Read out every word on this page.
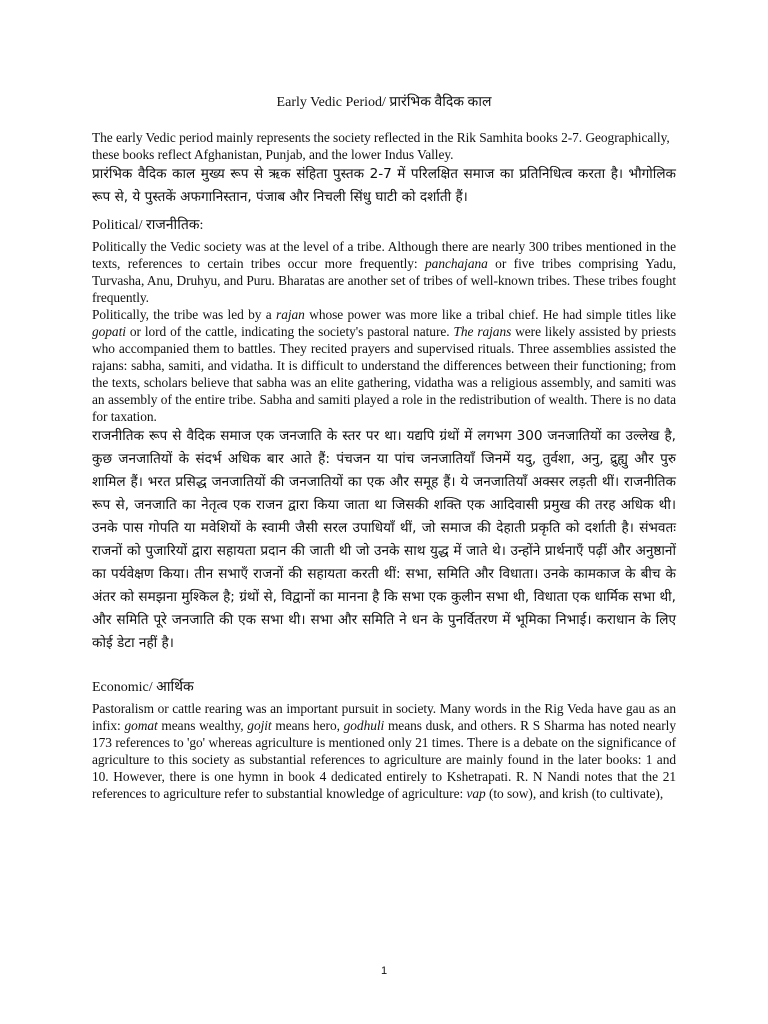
Early Vedic Period/ प्रारंभिक वैदिक काल

The early Vedic period mainly represents the society reflected in the Rik Samhita books 2-7. Geographically, these books reflect Afghanistan, Punjab, and the lower Indus Valley.

प्रारंभिक वैदिक काल मुख्य रूप से ऋक संहिता पुस्तक 2-7 में परिलक्षित समाज का प्रतिनिधित्व करता है। भौगोलिक रूप से, ये पुस्तकें अफगानिस्तान, पंजाब और निचली सिंधु घाटी को दर्शाती हैं।

Political/ राजनीतिक:

Politically the Vedic society was at the level of a tribe. Although there are nearly 300 tribes mentioned in the texts, references to certain tribes occur more frequently: panchajana or five tribes comprising Yadu, Turvasha, Anu, Druhyu, and Puru. Bharatas are another set of tribes of well-known tribes. These tribes fought frequently.

Politically, the tribe was led by a rajan whose power was more like a tribal chief. He had simple titles like gopati or lord of the cattle, indicating the society's pastoral nature. The rajans were likely assisted by priests who accompanied them to battles. They recited prayers and supervised rituals. Three assemblies assisted the rajans: sabha, samiti, and vidatha. It is difficult to understand the differences between their functioning; from the texts, scholars believe that sabha was an elite gathering, vidatha was a religious assembly, and samiti was an assembly of the entire tribe. Sabha and samiti played a role in the redistribution of wealth. There is no data for taxation.

राजनीतिक रूप से वैदिक समाज एक जनजाति के स्तर पर था। यद्यपि ग्रंथों में लगभग 300 जनजातियों का उल्लेख है, कुछ जनजातियों के संदर्भ अधिक बार आते हैं: पंचजन या पांच जनजातियाँ जिनमें यदु, तुर्वशा, अनु, द्रुह्यु और पुरु शामिल हैं। भरत प्रसिद्ध जनजातियों की जनजातियों का एक और समूह हैं। ये जनजातियाँ अक्सर लड़ती थीं। राजनीतिक रूप से, जनजाति का नेतृत्व एक राजन द्वारा किया जाता था जिसकी शक्ति एक आदिवासी प्रमुख की तरह अधिक थी। उनके पास गोपति या मवेशियों के स्वामी जैसी सरल उपाधियाँ थीं, जो समाज की देहाती प्रकृति को दर्शाती है। संभवतः राजनों को पुजारियों द्वारा सहायता प्रदान की जाती थी जो उनके साथ युद्ध में जाते थे। उन्होंने प्रार्थनाएँ पढ़ीं और अनुष्ठानों का पर्यवेक्षण किया। तीन सभाएँ राजनों की सहायता करती थीं: सभा, समिति और विधाता। उनके कामकाज के बीच के अंतर को समझना मुश्किल है; ग्रंथों से, विद्वानों का मानना है कि सभा एक कुलीन सभा थी, विधाता एक धार्मिक सभा थी, और समिति पूरे जनजाति की एक सभा थी। सभा और समिति ने धन के पुनर्वितरण में भूमिका निभाई। कराधान के लिए कोई डेटा नहीं है।

Economic/ आर्थिक

Pastoralism or cattle rearing was an important pursuit in society. Many words in the Rig Veda have gau as an infix: gomat means wealthy, gojit means hero, godhuli means dusk, and others. R S Sharma has noted nearly 173 references to 'go' whereas agriculture is mentioned only 21 times. There is a debate on the significance of agriculture to this society as substantial references to agriculture are mainly found in the later books: 1 and 10. However, there is one hymn in book 4 dedicated entirely to Kshetrapati. R. N Nandi notes that the 21 references to agriculture refer to substantial knowledge of agriculture: vap (to sow), and krish (to cultivate),

1
